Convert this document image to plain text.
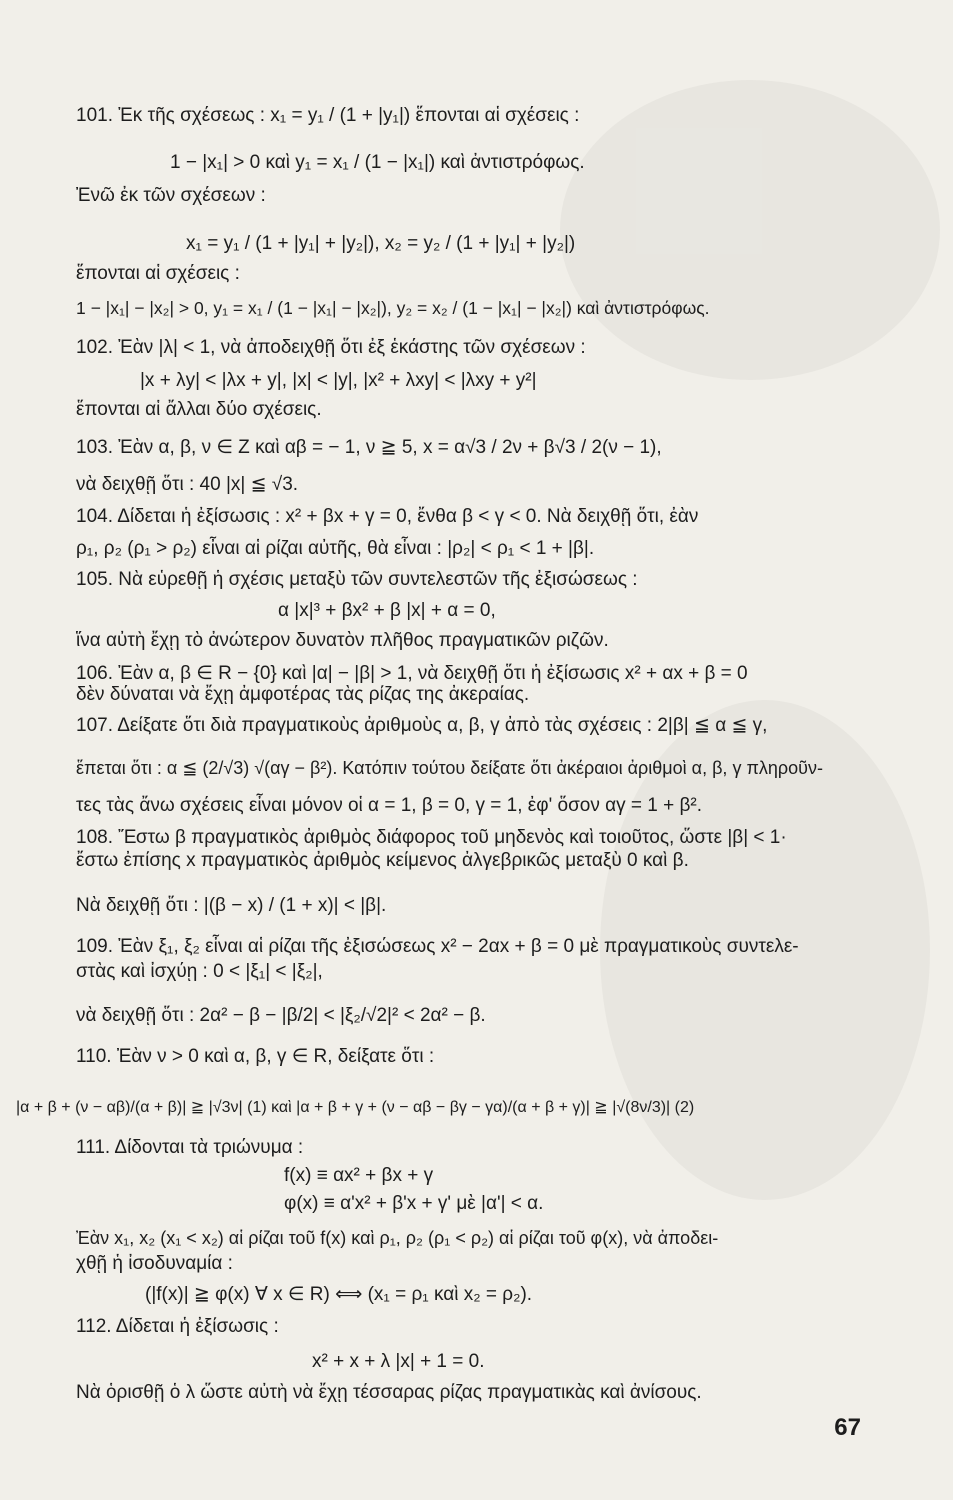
101. Ἐκ τῆς σχέσεως : x₁ = y₁ / (1 + |y₁|) ἕπονται αἱ σχέσεις :
1 − |x₁| > 0 καὶ y₁ = x₁ / (1 − |x₁|) καὶ ἀντιστρόφως.
Ἐνῶ ἐκ τῶν σχέσεων :
x₁ = y₁ / (1 + |y₁| + |y₂|), x₂ = y₂ / (1 + |y₁| + |y₂|)
ἕπονται αἱ σχέσεις :
1 − |x₁| − |x₂| > 0, y₁ = x₁ / (1 − |x₁| − |x₂|), y₂ = x₂ / (1 − |x₁| − |x₂|) καὶ ἀντιστρόφως.
102. Ἐὰν |λ| < 1, νὰ ἀποδειχθῇ ὅτι ἐξ ἑκάστης τῶν σχέσεων :
|x + λy| < |λx + y|, |x| < |y|, |x² + λxy| < |λxy + y²|
ἕπονται αἱ ἄλλαι δύο σχέσεις.
103. Ἐὰν α, β, ν ∈ Z καὶ αβ = − 1, ν ≧ 5, x = α√3 / 2ν + β√3 / 2(ν − 1),
νὰ δειχθῇ ὅτι : 40 |x| ≦ √3.
104. Δίδεται ἡ ἐξίσωσις : x² + βx + γ = 0, ἔνθα β < γ < 0. Νὰ δειχθῇ ὅτι, ἐὰν
ρ₁, ρ₂ (ρ₁ > ρ₂) εἶναι αἱ ρίζαι αὐτῆς, θὰ εἶναι : |ρ₂| < ρ₁ < 1 + |β|.
105. Νὰ εὑρεθῇ ἡ σχέσις μεταξὺ τῶν συντελεστῶν τῆς ἐξισώσεως :
α |x|³ + βx² + β |x| + α = 0,
ἵνα αὐτὴ ἔχῃ τὸ ἀνώτερον δυνατὸν πλῆθος πραγματικῶν ριζῶν.
106. Ἐὰν α, β ∈ R − {0} καὶ |α| − |β| > 1, νὰ δειχθῇ ὅτι ἡ ἐξίσωσις x² + αx + β = 0
δὲν δύναται νὰ ἔχῃ ἀμφοτέρας τὰς ρίζας της ἀκεραίας.
107. Δείξατε ὅτι διὰ πραγματικοὺς ἀριθμοὺς α, β, γ ἀπὸ τὰς σχέσεις : 2|β| ≦ α ≦ γ,
ἕπεται ὅτι : α ≦ (2/√3) √(αγ − β²). Κατόπιν τούτου δείξατε ὅτι ἀκέραιοι ἀριθμοὶ α, β, γ πληροῦν-
τες τὰς ἄνω σχέσεις εἶναι μόνον οἱ α = 1, β = 0, γ = 1, ἐφ' ὅσον αγ = 1 + β².
108. Ἔστω β πραγματικὸς ἀριθμὸς διάφορος τοῦ μηδενὸς καὶ τοιοῦτος, ὥστε |β| < 1·
ἔστω ἐπίσης x πραγματικὸς ἀριθμὸς κείμενος ἀλγεβρικῶς μεταξὺ 0 καὶ β.
Νὰ δειχθῇ ὅτι : |(β − x) / (1 + x)| < |β|.
109. Ἐὰν ξ₁, ξ₂ εἶναι αἱ ρίζαι τῆς ἐξισώσεως x² − 2αx + β = 0 μὲ πραγματικοὺς συντελε-
στὰς καὶ ἰσχύῃ : 0 < |ξ₁| < |ξ₂|,
νὰ δειχθῇ ὅτι : 2α² − β − |β/2| < |ξ₂/√2|² < 2α² − β.
110. Ἐὰν ν > 0 καὶ α, β, γ ∈ R, δείξατε ὅτι :
|α + β + (ν − αβ)/(α + β)| ≧ |√3ν| (1) καὶ |α + β + γ + (ν − αβ − βγ − γα)/(α + β + γ)| ≧ |√(8ν/3)| (2)
111. Δίδονται τὰ τριώνυμα :
f(x) ≡ αx² + βx + γ
φ(x) ≡ α'x² + β'x + γ' μὲ |α'| < α.
Ἐὰν x₁, x₂ (x₁ < x₂) αἱ ρίζαι τοῦ f(x) καὶ ρ₁, ρ₂ (ρ₁ < ρ₂) αἱ ρίζαι τοῦ φ(x), νὰ ἀποδει-
χθῇ ἡ ἰσοδυναμία :
(|f(x)| ≧ φ(x) ∀ x ∈ R) ⟺ (x₁ = ρ₁ καὶ x₂ = ρ₂).
112. Δίδεται ἡ ἐξίσωσις :
x² + x + λ |x| + 1 = 0.
Νὰ ὁρισθῇ ὁ λ ὥστε αὐτὴ νὰ ἔχῃ τέσσαρας ρίζας πραγματικὰς καὶ ἀνίσους.
67
